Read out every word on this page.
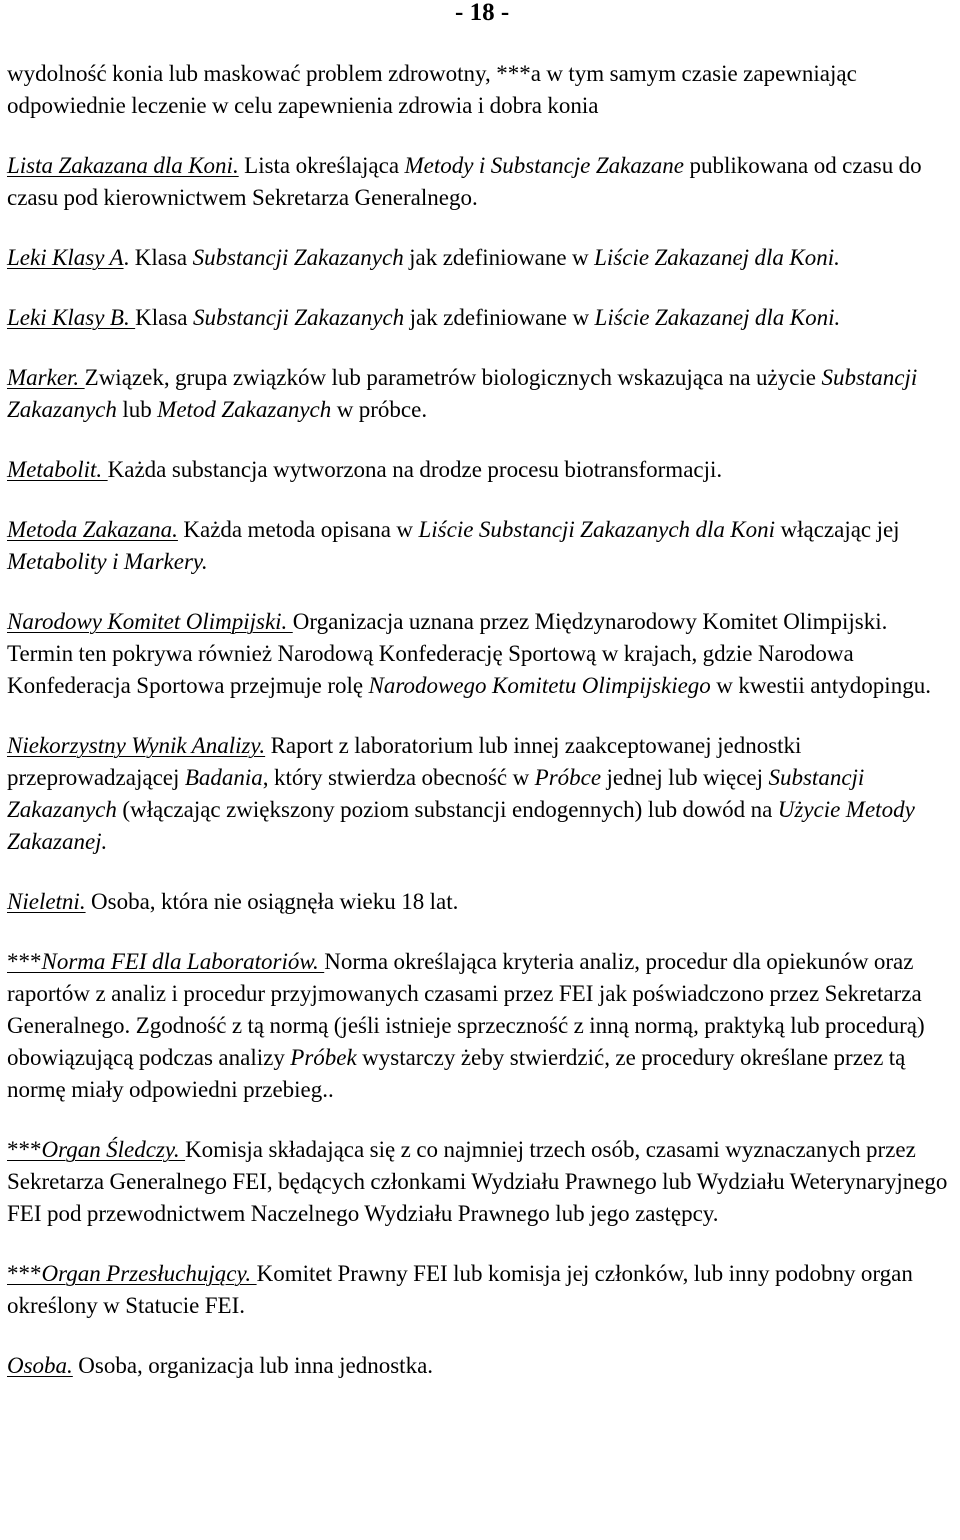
- 18 -

wydolność konia lub maskować problem zdrowotny, ***a w tym samym czasie zapewniając odpowiednie leczenie w celu zapewnienia zdrowia i dobra konia

Lista Zakazana dla Koni. Lista określająca Metody i Substancje Zakazane publikowana od czasu do czasu pod kierownictwem Sekretarza Generalnego.

Leki Klasy A. Klasa Substancji Zakazanych jak zdefiniowane w Liście Zakazanej dla Koni.

Leki Klasy B. Klasa Substancji Zakazanych jak zdefiniowane w Liście Zakazanej dla Koni.

Marker. Związek, grupa związków lub parametrów biologicznych wskazująca na użycie Substancji Zakazanych lub Metod Zakazanych w próbce.

Metabolit. Każda substancja wytworzona na drodze procesu biotransformacji.

Metoda Zakazana. Każda metoda opisana w Liście Substancji Zakazanych dla Koni włączając jej Metabolity i Markery.

Narodowy Komitet Olimpijski. Organizacja uznana przez Międzynarodowy Komitet Olimpijski. Termin ten pokrywa również Narodową Konfederację Sportową w krajach, gdzie Narodowa Konfederacja Sportowa przejmuje rolę Narodowego Komitetu Olimpijskiego w kwestii antydopingu.

Niekorzystny Wynik Analizy. Raport z laboratorium lub innej zaakceptowanej jednostki przeprowadzającej Badania, który stwierdza obecność w Próbce jednej lub więcej Substancji Zakazanych (włączając zwiększony poziom substancji endogennych) lub dowód na Użycie Metody Zakazanej.

Nieletni. Osoba, która nie osiągnęła wieku 18 lat.

***Norma FEI dla Laboratoriów. Norma określająca kryteria analiz, procedur dla opiekunów oraz raportów z analiz i procedur przyjmowanych czasami przez FEI jak poświadczono przez Sekretarza Generalnego. Zgodność z tą normą (jeśli istnieje sprzeczność z inną normą, praktyką lub procedurą) obowiązującą podczas analizy Próbek wystarczy żeby stwierdzić, ze procedury określane przez tą normę miały odpowiedni przebieg..

***Organ Śledczy. Komisja składająca się z co najmniej trzech osób, czasami wyznaczanych przez Sekretarza Generalnego FEI, będących członkami Wydziału Prawnego lub Wydziału Weterynaryjnego FEI pod przewodnictwem Naczelnego Wydziału Prawnego lub jego zastępcy.

***Organ Przesłuchujący. Komitet Prawny FEI lub komisja jej członków, lub inny podobny organ określony w Statucie FEI.

Osoba. Osoba, organizacja lub inna jednostka.
